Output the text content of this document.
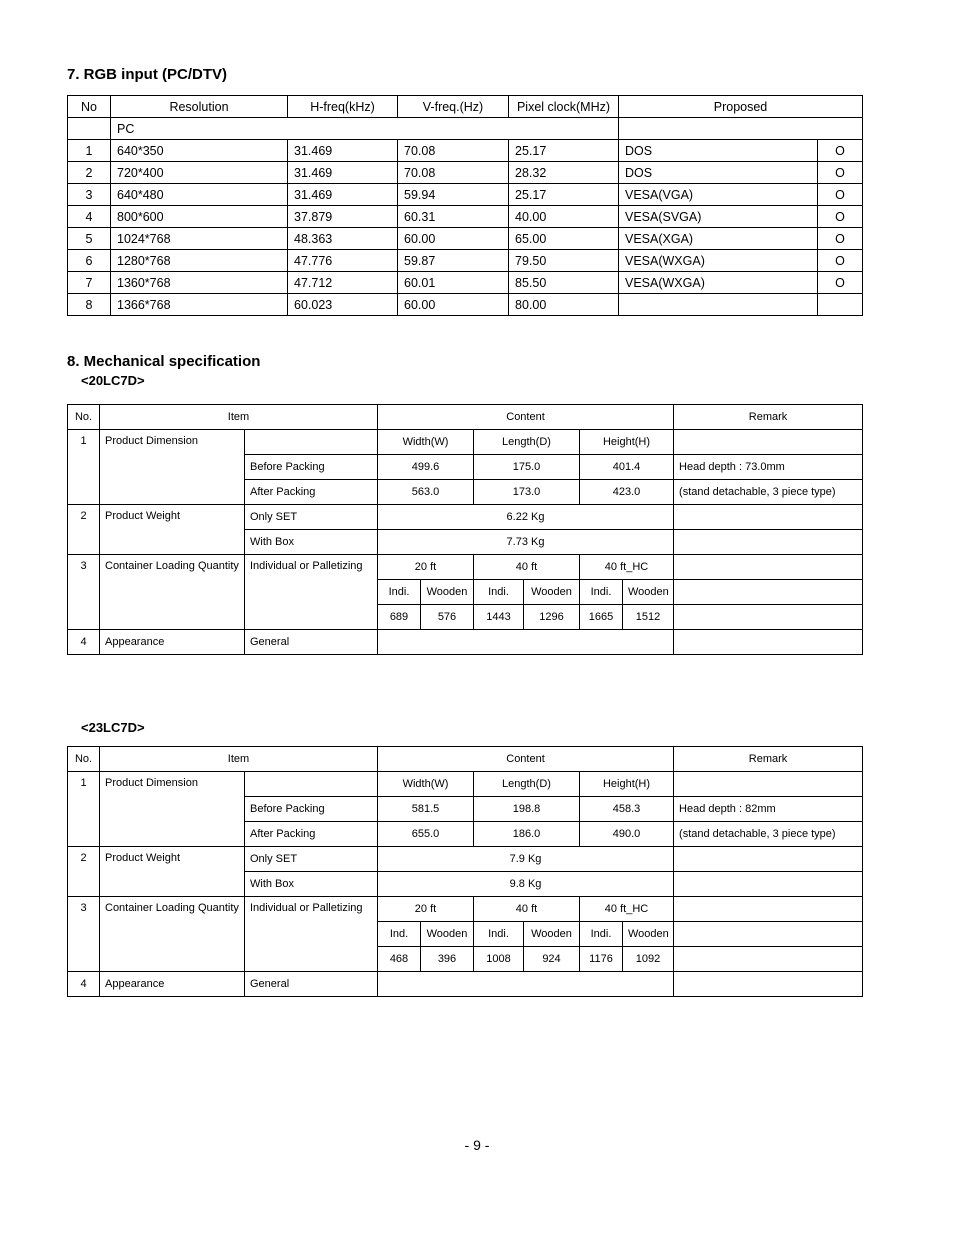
7. RGB input (PC/DTV)
No	Resolution	H-freq(kHz)	V-freq.(Hz)	Pixel clock(MHz)	Proposed	
	PC					
1	640*350	31.469	70.08	25.17	DOS	O
2	720*400	31.469	70.08	28.32	DOS	O
3	640*480	31.469	59.94	25.17	VESA(VGA)	O
4	800*600	37.879	60.31	40.00	VESA(SVGA)	O
5	1024*768	48.363	60.00	65.00	VESA(XGA)	O
6	1280*768	47.776	59.87	79.50	VESA(WXGA)	O
7	1360*768	47.712	60.01	85.50	VESA(WXGA)	O
8	1366*768	60.023	60.00	80.00		
8. Mechanical specification
<20LC7D>
<23LC7D>
No.	Item		Content						Remark
1	Product Dimension		Width(W)		Length(D)		Height(H)		
		Before Packing	499.6		175.0		401.4		Head depth : 73.0mm
		After Packing	563.0		173.0		423.0		(stand detachable, 3 piece type)
2	Product Weight	Only SET	6.22 Kg						
		With Box	7.73 Kg						
3	Container Loading Quantity	Individual or Palletizing	20 ft		40 ft		40 ft_HC		
			Indi.	Wooden	Indi.	Wooden	Indi.	Wooden	
			689	576	1443	1296	1665	1512	
4	Appearance	General							
No.	Item		Content						Remark
1	Product Dimension		Width(W)		Length(D)		Height(H)		
		Before Packing	581.5		198.8		458.3		Head depth : 82mm
		After Packing	655.0		186.0		490.0		(stand detachable, 3 piece type)
2	Product Weight	Only SET	7.9 Kg						
		With Box	9.8 Kg						
3	Container Loading Quantity	Individual or Palletizing	20 ft		40 ft		40 ft_HC		
			Ind.	Wooden	Indi.	Wooden	Indi.	Wooden	
			468	396	1008	924	1176	1092	
4	Appearance	General							
- 9 -
